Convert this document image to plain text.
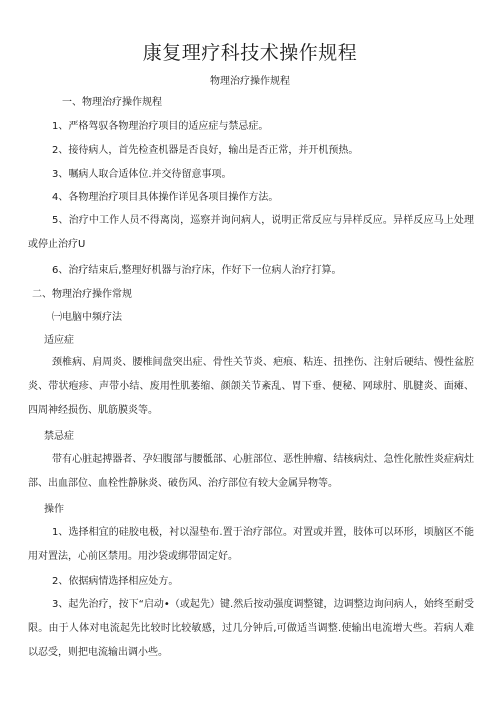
康复理疗科技术操作规程
物理治疗操作规程
一、物理治疗操作规程
1、严格驾驭各物理治疗项目的适应症与禁忌症。
2、接待病人，首先检查机器是否良好，输出是否正常，并开机预热。
3、嘱病人取合适体位.并交待留意事项。
4、各物理治疗项目具体操作详见各项目操作方法。
5、治疗中工作人员不得离岗，巡察并询问病人，说明正常反应与异样反应。异样反应马上处理或停止治疗U
6、治疗结束后,整理好机器与治疗床，作好下一位病人治疗打算。
二、物理治疗操作常规
㈠电脑中频疗法
适应症
颈椎病、肩周炎、腰椎间盘突出症、骨性关节炎、疤痕、粘连、扭挫伤、注射后硬结、慢性盆腔炎、带状疱疹、声带小结、废用性肌萎缩、颜颌关节紊乱、胃下垂、便秘、网球肘、肌腱炎、面瘫、四周神经损伤、肌筋膜炎等。
禁忌症
带有心脏起搏器者、孕妇腹部与腰骶部、心脏部位、恶性肿瘤、结核病灶、急性化脓性炎症病灶部、出血部位、血栓性静脉炎、破伤风、治疗部位有较大金属异物等。
操作
1、选择相宜的硅胶电极，衬以湿垫布.置于治疗部位。对置或并置，肢体可以环形，顷脑区不能用对置法，心前区禁用。用沙袋或绑带固定好。
2、依据病情选择相应处方。
3、起先治疗，按下“启动•（或起先）键.然后按动强度调整键，边调整边询问病人，始终至耐受限。由于人体对电流起先比较时比较敏感，过几分钟后,可做适当调整.使输出电流增大些。若病人难以忍受，则把电流输出调小些。
